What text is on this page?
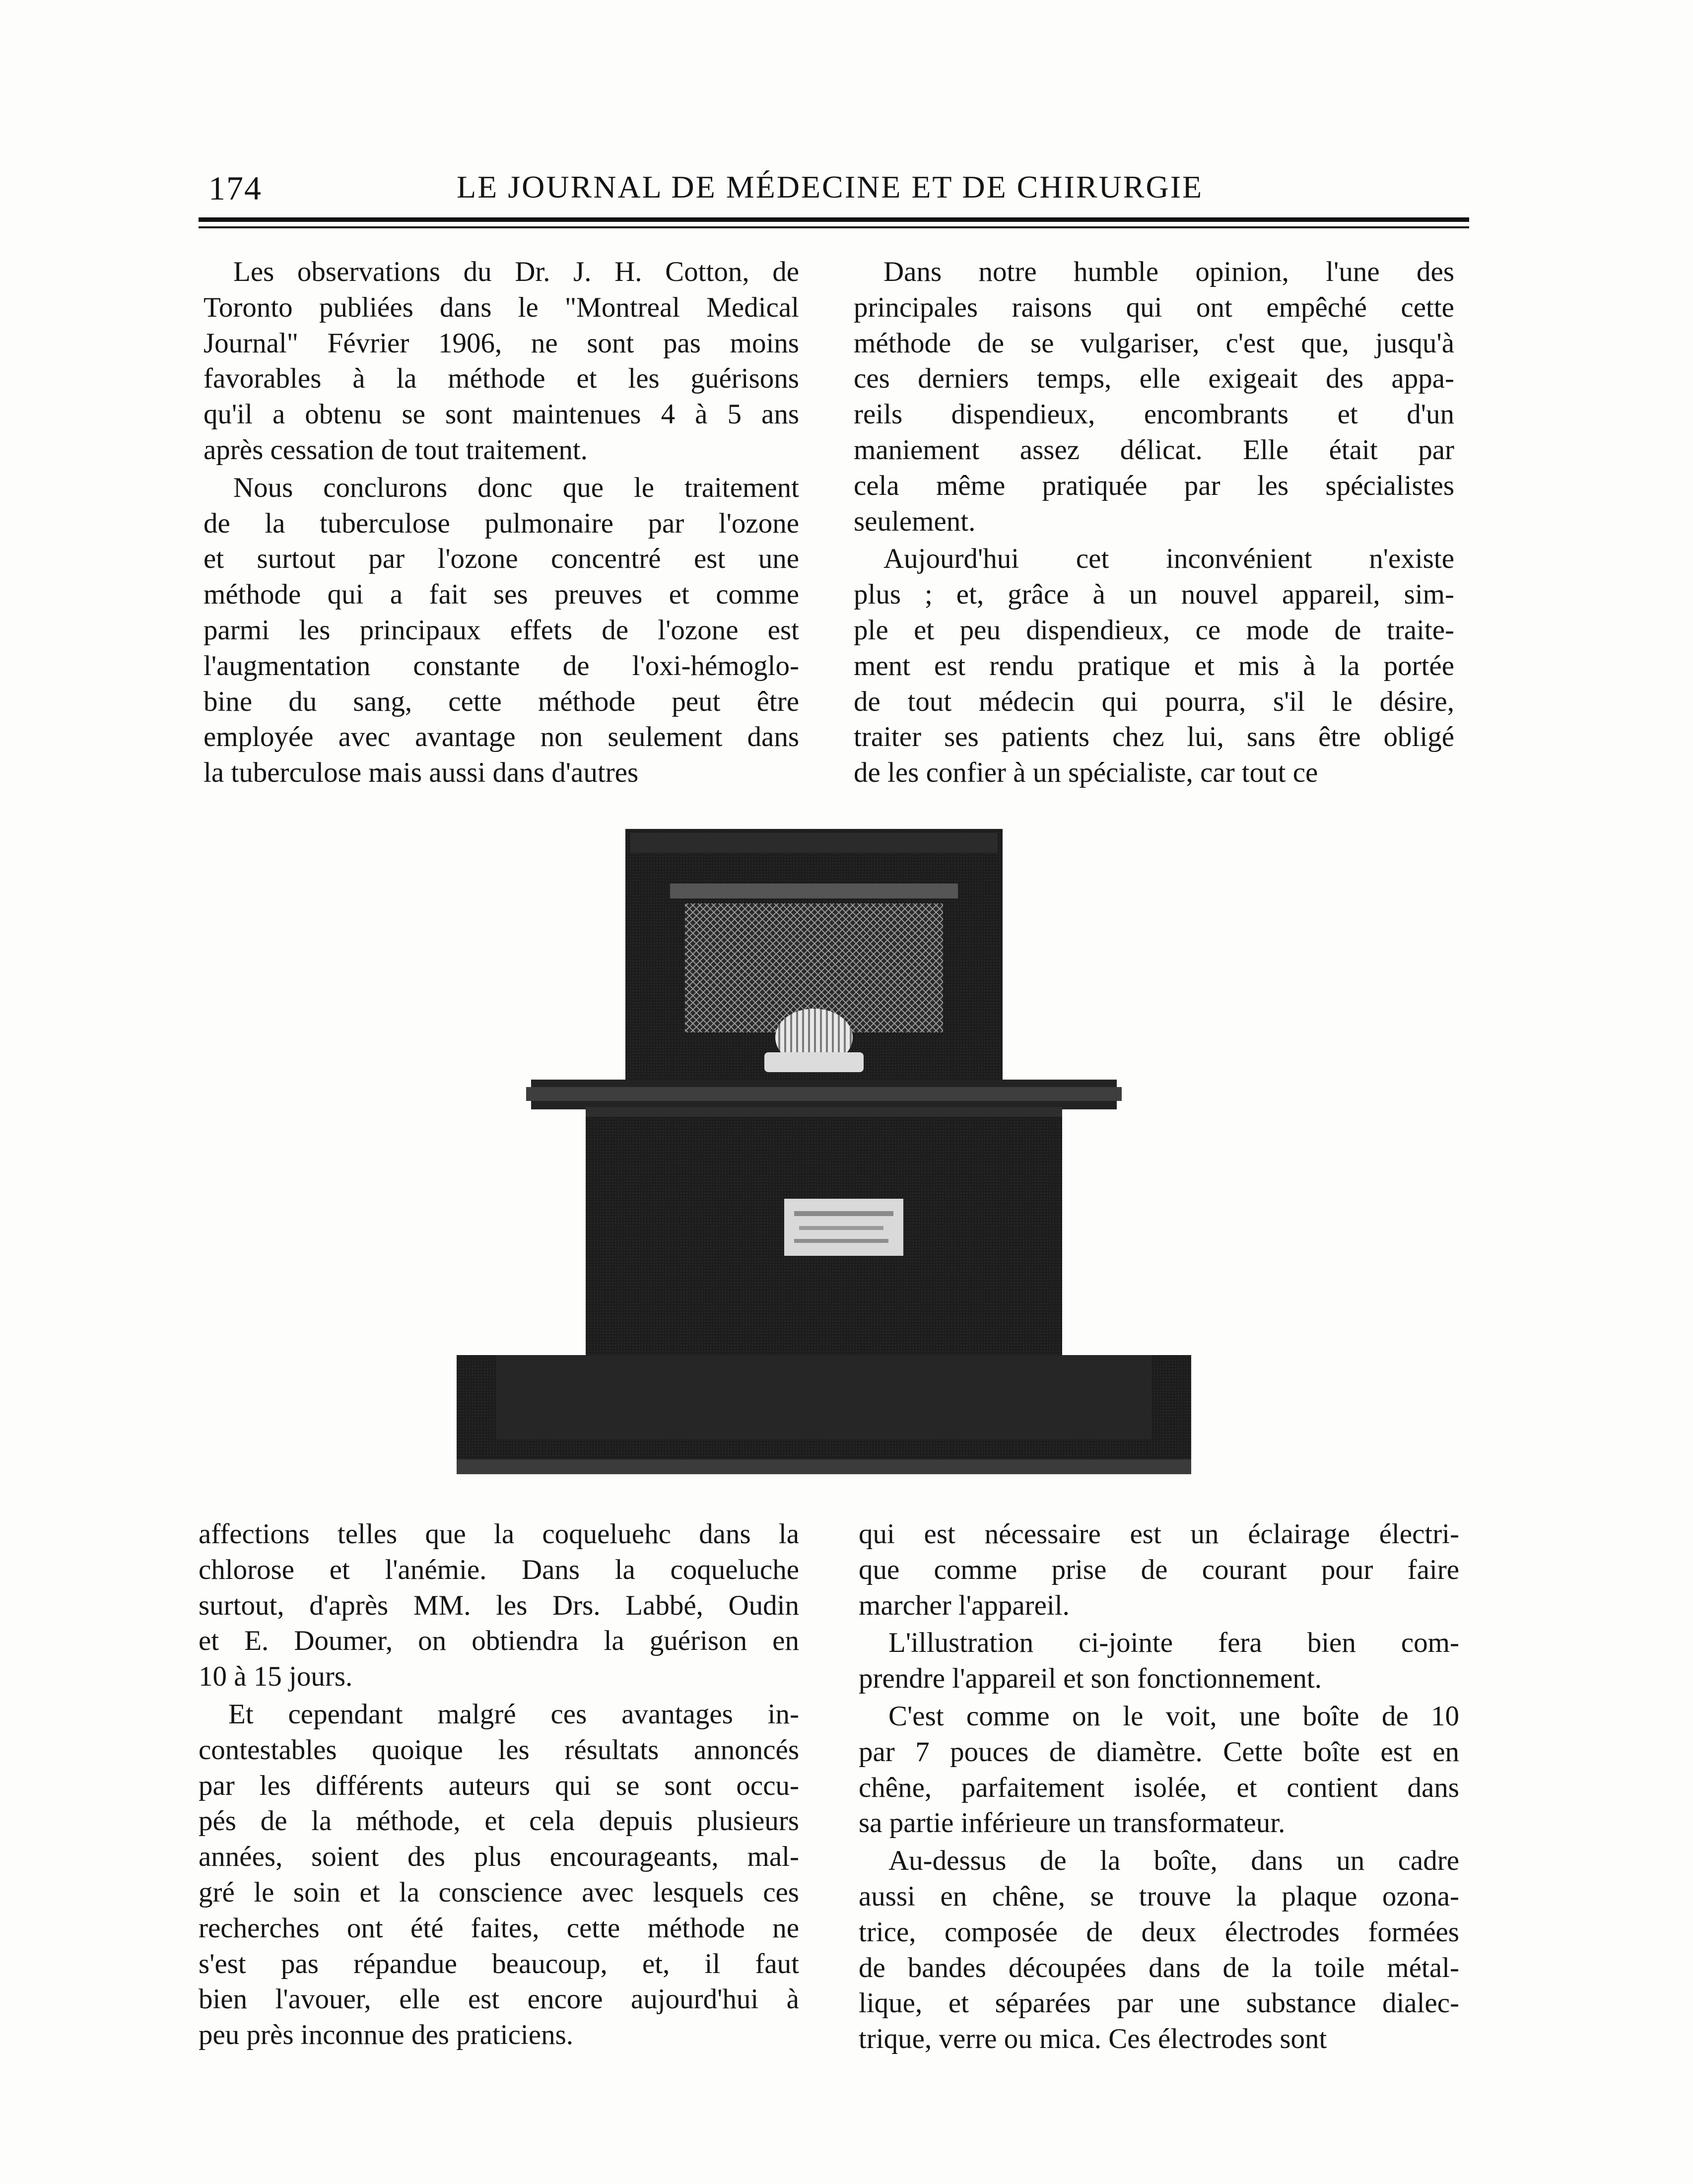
174	LE JOURNAL DE MÉDECINE ET DE CHIRURGIE

Les observations du Dr. J. H. Cotton, de
Toronto publiées dans le "Montreal Medical
Journal" Février 1906, ne sont pas moins
favorables à la méthode et les guérisons
qu'il a obtenu se sont maintenues 4 à 5 ans
après cessation de tout traitement.

Nous conclurons donc que le traitement
de la tuberculose pulmonaire par l'ozone
et surtout par l'ozone concentré est une
méthode qui a fait ses preuves et comme
parmi les principaux effets de l'ozone est
l'augmentation constante de l'oxi-hémoglo-
bine du sang, cette méthode peut être
employée avec avantage non seulement dans
la tuberculose mais aussi dans d'autres

Dans notre humble opinion, l'une des
principales raisons qui ont empêché cette
méthode de se vulgariser, c'est que, jusqu'à
ces derniers temps, elle exigeait des appa-
reils dispendieux, encombrants et d'un
maniement assez délicat. Elle était par
cela même pratiquée par les spécialistes
seulement.

Aujourd'hui cet inconvénient n'existe
plus ; et, grâce à un nouvel appareil, sim-
ple et peu dispendieux, ce mode de traite-
ment est rendu pratique et mis à la portée
de tout médecin qui pourra, s'il le désire,
traiter ses patients chez lui, sans être obligé
de les confier à un spécialiste, car tout ce

affections telles que la coqueluehc dans la
chlorose et l'anémie. Dans la coqueluche
surtout, d'après MM. les Drs. Labbé, Oudin
et E. Doumer, on obtiendra la guérison en
10 à 15 jours.

Et cependant malgré ces avantages in-
contestables quoique les résultats annoncés
par les différents auteurs qui se sont occu-
pés de la méthode, et cela depuis plusieurs
années, soient des plus encourageants, mal-
gré le soin et la conscience avec lesquels ces
recherches ont été faites, cette méthode ne
s'est pas répandue beaucoup, et, il faut
bien l'avouer, elle est encore aujourd'hui à
peu près inconnue des praticiens.

qui est nécessaire est un éclairage électri-
que comme prise de courant pour faire
marcher l'appareil.

L'illustration ci-jointe fera bien com-
prendre l'appareil et son fonctionnement.

C'est comme on le voit, une boîte de 10
par 7 pouces de diamètre. Cette boîte est en
chêne, parfaitement isolée, et contient dans
sa partie inférieure un transformateur.

Au-dessus de la boîte, dans un cadre
aussi en chêne, se trouve la plaque ozona-
trice, composée de deux électrodes formées
de bandes découpées dans de la toile métal-
lique, et séparées par une substance dialec-
trique, verre ou mica. Ces électrodes sont
